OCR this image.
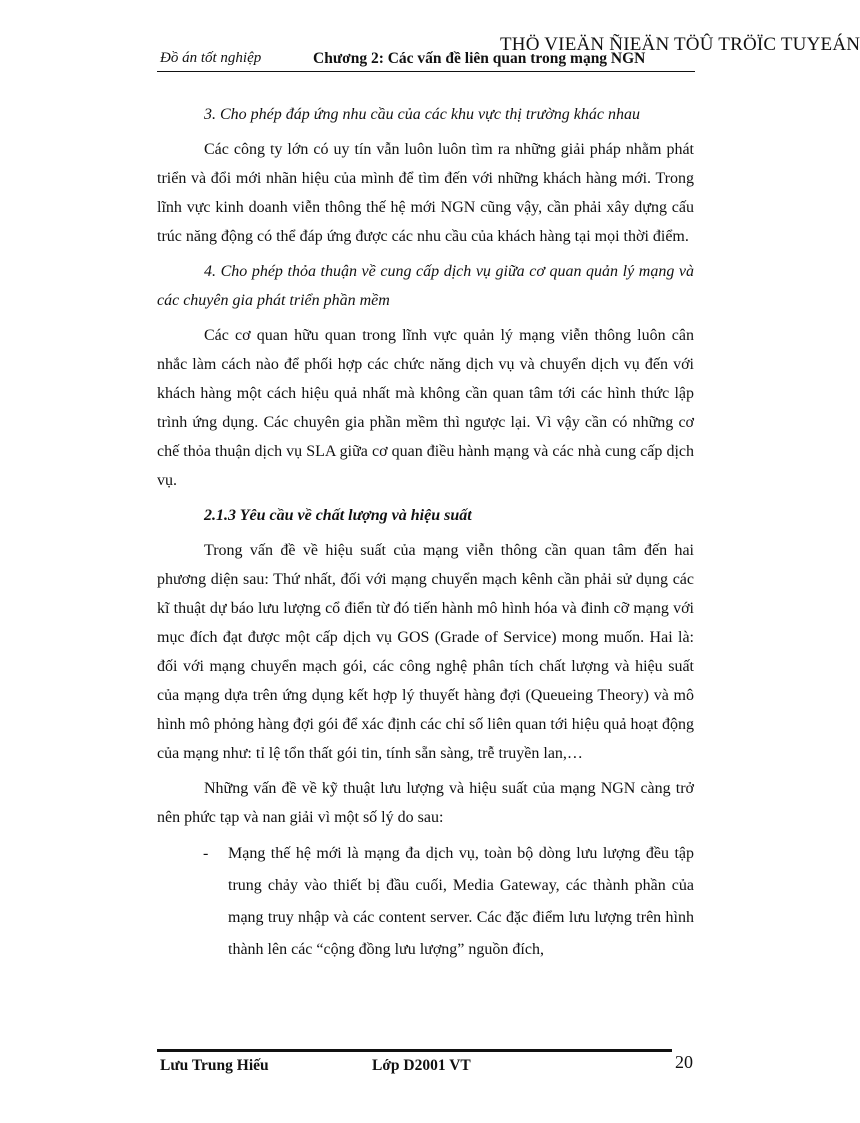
THÖ VIEÄN ÑIEÄN TÖÛ TRÖÏC TUYEÁN
Đồ án tốt nghiệp	Chương 2: Các vấn đề liên quan trong mạng NGN

3. Cho phép đáp ứng nhu cầu của các khu vực thị trường khác nhau

Các công ty lớn có uy tín vẫn luôn luôn tìm ra những giải pháp nhằm phát triển và đổi mới nhãn hiệu của mình để tìm đến với những khách hàng mới. Trong lĩnh vực kinh doanh viễn thông thế hệ mới NGN cũng vậy, cần phải xây dựng cấu trúc năng động có thể đáp ứng được các nhu cầu của khách hàng tại mọi thời điểm.

4. Cho phép thỏa thuận về cung cấp dịch vụ giữa cơ quan quản lý mạng và các chuyên gia phát triển phần mềm

Các cơ quan hữu quan trong lĩnh vực quản lý mạng viễn thông luôn cân nhắc làm cách nào để phối hợp các chức năng dịch vụ và chuyển dịch vụ đến với khách hàng một cách hiệu quả nhất mà không cần quan tâm tới các hình thức lập trình ứng dụng. Các chuyên gia phần mềm thì ngược lại. Vì vậy cần có những cơ chế thỏa thuận dịch vụ SLA giữa cơ quan điều hành mạng và các nhà cung cấp dịch vụ.

2.1.3 Yêu cầu về chất lượng và hiệu suất

Trong vấn đề về hiệu suất của mạng viễn thông cần quan tâm đến hai phương diện sau: Thứ nhất, đối với mạng chuyển mạch kênh cần phải sử dụng các kĩ thuật dự báo lưu lượng cổ điển từ đó tiến hành mô hình hóa và đinh cỡ mạng với mục đích đạt được một cấp dịch vụ GOS (Grade of Service) mong muốn. Hai là: đối với mạng chuyển mạch gói, các công nghệ phân tích chất lượng và hiệu suất của mạng dựa trên ứng dụng kết hợp lý thuyết hàng đợi (Queueing Theory) và mô hình mô phỏng hàng đợi gói để xác định các chỉ số liên quan tới hiệu quả hoạt động của mạng như: tỉ lệ tổn thất gói tin, tính sẵn sàng, trễ truyền lan,…

Những vấn đề về kỹ thuật lưu lượng và hiệu suất của mạng NGN càng trở nên phức tạp và nan giải vì một số lý do sau:

- Mạng thế hệ mới là mạng đa dịch vụ, toàn bộ dòng lưu lượng đều tập trung chảy vào thiết bị đầu cuối, Media Gateway, các thành phần của mạng truy nhập và các content server. Các đặc điểm lưu lượng trên hình thành lên các “cộng đồng lưu lượng” nguồn đích,
Lưu Trung Hiếu	Lớp D2001 VT	20
